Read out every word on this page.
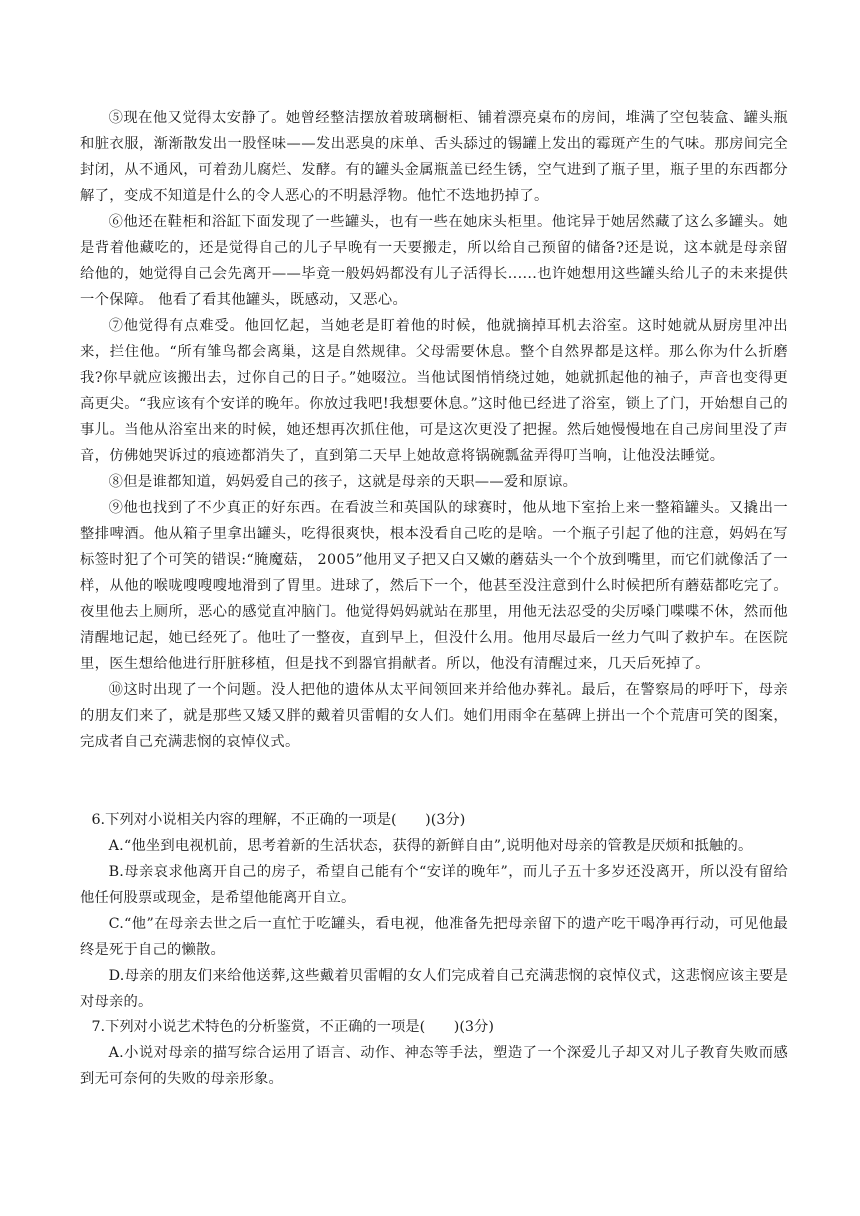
⑤现在他又觉得太安静了。她曾经整洁摆放着玻璃橱柜、铺着漂亮桌布的房间，堆满了空包装盒、罐头瓶和脏衣服，渐渐散发出一股怪味——发出恶臭的床单、舌头舔过的锡罐上发出的霉斑产生的气味。那房间完全封闭，从不通风，可着劲儿腐烂、发酵。有的罐头金属瓶盖已经生锈，空气进到了瓶子里，瓶子里的东西都分解了，变成不知道是什么的令人恶心的不明悬浮物。他忙不迭地扔掉了。

⑥他还在鞋柜和浴缸下面发现了一些罐头，也有一些在她床头柜里。他诧异于她居然藏了这么多罐头。她是背着他藏吃的，还是觉得自己的儿子早晚有一天要搬走，所以给自己预留的储备?还是说，这本就是母亲留给他的，她觉得自己会先离开——毕竟一般妈妈都没有儿子活得长......也许她想用这些罐头给儿子的未来提供一个保障。 他看了看其他罐头，既感动，又恶心。

⑦他觉得有点难受。他回忆起，当她老是盯着他的时候，他就摘掉耳机去浴室。这时她就从厨房里冲出来，拦住他。“所有雏鸟都会离巢，这是自然规律。父母需要休息。整个自然界都是这样。那么你为什么折磨我?你早就应该搬出去，过你自己的日子。”她啜泣。当他试图悄悄绕过她，她就抓起他的袖子，声音也变得更高更尖。“我应该有个安详的晚年。你放过我吧!我想要休息。”这时他已经进了浴室，锁上了门，开始想自己的事儿。当他从浴室出来的时候，她还想再次抓住他，可是这次更没了把握。然后她慢慢地在自己房间里没了声音，仿佛她哭诉过的痕迹都消失了，直到第二天早上她故意将锅碗瓢盆弄得叮当响，让他没法睡觉。

⑧但是谁都知道，妈妈爱自己的孩子，这就是母亲的天职——爱和原谅。

⑨他也找到了不少真正的好东西。在看波兰和英国队的球赛时，他从地下室抬上来一整箱罐头。又撬出一整排啤酒。他从箱子里拿出罐头，吃得很爽快，根本没看自己吃的是啥。一个瓶子引起了他的注意，妈妈在写标签时犯了个可笑的错误:“腌魔菇， 2005”他用叉子把又白又嫩的蘑菇头一个个放到嘴里，而它们就像活了一样，从他的喉咙嗖嗖嗖地滑到了胃里。进球了，然后下一个，他甚至没注意到什么时候把所有蘑菇都吃完了。夜里他去上厕所，恶心的感觉直冲脑门。他觉得妈妈就站在那里，用他无法忍受的尖厉嗓门喋喋不休，然而他清醒地记起，她已经死了。他吐了一整夜，直到早上，但没什么用。他用尽最后一丝力气叫了救护车。在医院里，医生想给他进行肝脏移植，但是找不到器官捐献者。所以，他没有清醒过来，几天后死掉了。

⑩这时出现了一个问题。没人把他的遗体从太平间领回来并给他办葬礼。最后，在警察局的呼吁下，母亲的朋友们来了，就是那些又矮又胖的戴着贝雷帽的女人们。她们用雨伞在墓碑上拼出一个个荒唐可笑的图案，完成者自己充满悲悯的哀悼仪式。

6.下列对小说相关内容的理解，不正确的一项是(　　)(3分)

A.“他坐到电视机前，思考着新的生活状态，获得的新鲜自由”,说明他对母亲的管教是厌烦和抵触的。

B.母亲哀求他离开自己的房子，希望自己能有个“安详的晚年”，而儿子五十多岁还没离开，所以没有留给他任何股票或现金，是希望他能离开自立。

C.“他”在母亲去世之后一直忙于吃罐头，看电视，他准备先把母亲留下的遗产吃干喝净再行动，可见他最终是死于自己的懒散。

D.母亲的朋友们来给他送葬,这些戴着贝雷帽的女人们完成着自己充满悲悯的哀悼仪式，这悲悯应该主要是对母亲的。

7.下列对小说艺术特色的分析鉴赏，不正确的一项是(　　)(3分)

A.小说对母亲的描写综合运用了语言、动作、神态等手法，塑造了一个深爱儿子却又对儿子教育失败而感到无可奈何的失败的母亲形象。
